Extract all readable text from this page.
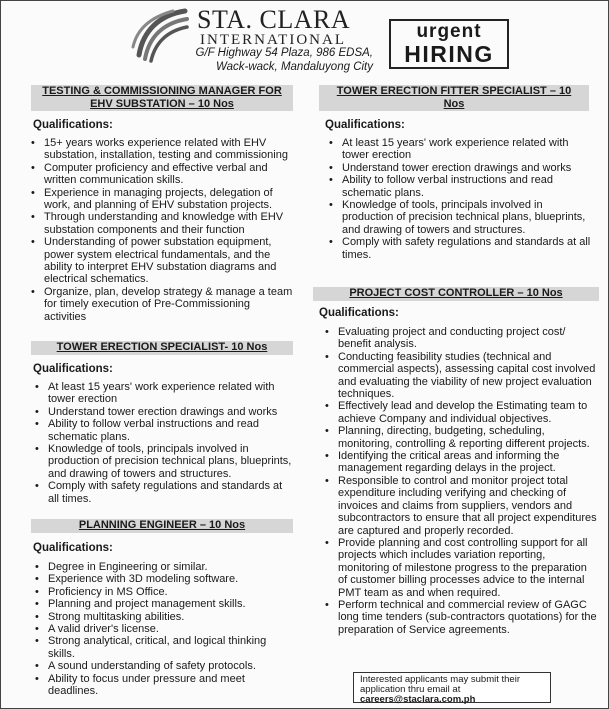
STA. CLARA
INTERNATIONAL
G/F Highway 54 Plaza, 986 EDSA,
Wack-wack, Mandaluyong City
urgent
HIRING
TESTING & COMMISSIONING MANAGER FOR
EHV SUBSTATION – 10 Nos
Qualifications:
• 15+ years works experience related with EHV substation, installation, testing and commissioning
• Computer proficiency and effective verbal and written communication skills.
• Experience in managing projects, delegation of work, and planning of EHV substation projects.
• Through understanding and knowledge with EHV substation components and their function
• Understanding of power substation equipment, power system electrical fundamentals, and the ability to interpret EHV substation diagrams and electrical schematics.
• Organize, plan, develop strategy & manage a team for timely execution of Pre-Commissioning activities
TOWER ERECTION SPECIALIST- 10 Nos
Qualifications:
• At least 15 years' work experience related with tower erection
• Understand tower erection drawings and works
• Ability to follow verbal instructions and read schematic plans.
• Knowledge of tools, principals involved in production of precision technical plans, blueprints, and drawing of towers and structures.
• Comply with safety regulations and standards at all times.
PLANNING ENGINEER – 10 Nos
Qualifications:
• Degree in Engineering or similar.
• Experience with 3D modeling software.
• Proficiency in MS Office.
• Planning and project management skills.
• Strong multitasking abilities.
• A valid driver's license.
• Strong analytical, critical, and logical thinking skills.
• A sound understanding of safety protocols.
• Ability to focus under pressure and meet deadlines.
TOWER ERECTION FITTER SPECIALIST – 10
Nos
Qualifications:
• At least 15 years' work experience related with tower erection
• Understand tower erection drawings and works
• Ability to follow verbal instructions and read schematic plans.
• Knowledge of tools, principals involved in production of precision technical plans, blueprints, and drawing of towers and structures.
• Comply with safety regulations and standards at all times.
PROJECT COST CONTROLLER – 10 Nos
Qualifications:
• Evaluating project and conducting project cost/ benefit analysis.
• Conducting feasibility studies (technical and commercial aspects), assessing capital cost involved and evaluating the viability of new project evaluation techniques.
• Effectively lead and develop the Estimating team to achieve Company and individual objectives.
• Planning, directing, budgeting, scheduling, monitoring, controlling & reporting different projects.
• Identifying the critical areas and informing the management regarding delays in the project.
• Responsible to control and monitor project total expenditure including verifying and checking of invoices and claims from suppliers, vendors and subcontractors to ensure that all project expenditures are captured and properly recorded.
• Provide planning and cost controlling support for all projects which includes variation reporting, monitoring of milestone progress to the preparation of customer billing processes advice to the internal PMT team as and when required.
• Perform technical and commercial review of GAGC long time tenders (sub-contractors quotations) for the preparation of Service agreements.
Interested applicants may submit their
application thru email at
careers@staclara.com.ph
